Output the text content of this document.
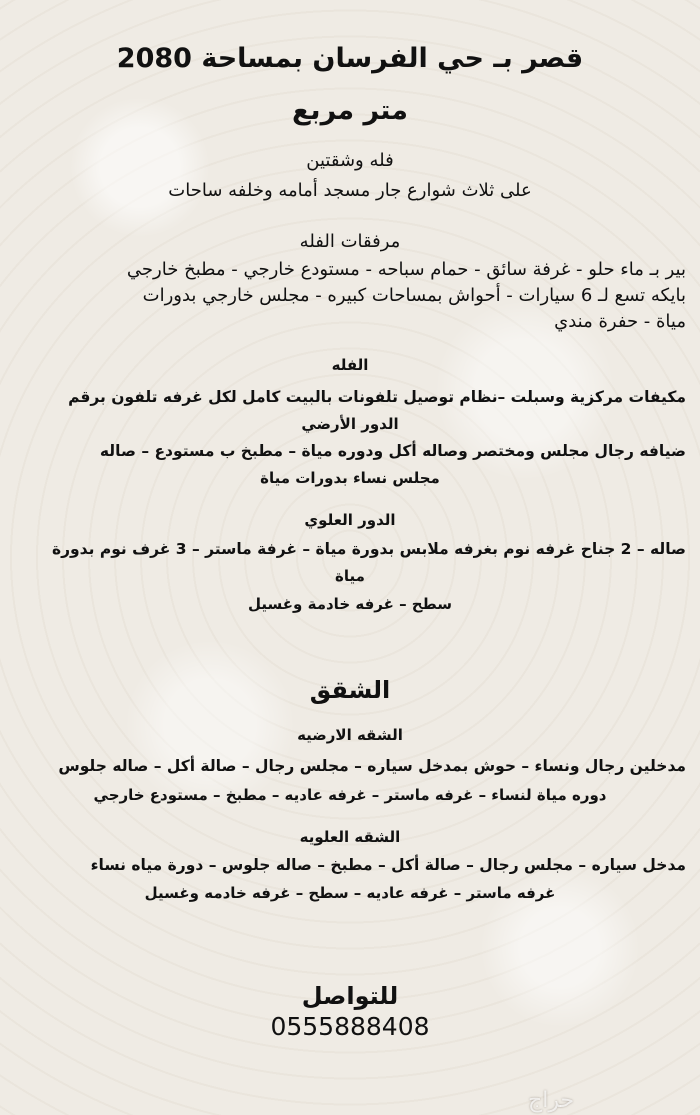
قصر بـ حي الفرسان بمساحة 2080
متر مربع
فله وشقتين
على ثلاث شوارع جار مسجد أمامه وخلفه ساحات
مرفقات الفله
بير بـ ماء حلو - غرفة سائق - حمام سباحه - مستودع خارجي - مطبخ خارجي
بايكه تسع لـ 6 سيارات - أحواش بمساحات كبيره - مجلس خارجي بدورات
مياة - حفرة مندي
الفله
مكيفات مركزية وسبلت –نظام توصيل تلفونات بالبيت كامل لكل غرفه تلفون برقم
الدور الأرضي
ضيافه رجال مجلس ومختصر وصاله أكل ودوره مياة – مطبخ ب مستودع – صاله
مجلس نساء بدورات مياة
الدور العلوي
صاله – 2 جناح غرفه نوم بغرفه ملابس بدورة مياة – غرفة ماستر – 3 غرف نوم بدورة
مياة
سطح – غرفه خادمة وغسيل
الشقق
الشقه الارضيه
مدخلين رجال ونساء – حوش بمدخل سياره – مجلس رجال – صالة أكل – صاله جلوس
دوره مياة لنساء – غرفه ماستر – غرفه عاديه – مطبخ – مستودع خارجي
الشقه العلويه
مدخل سياره – مجلس رجال – صالة أكل – مطبخ – صاله جلوس – دورة مياه نساء
غرفه ماستر – غرفه عاديه – سطح – غرفه خادمه وغسيل
للتواصل
0555888408
حراج
